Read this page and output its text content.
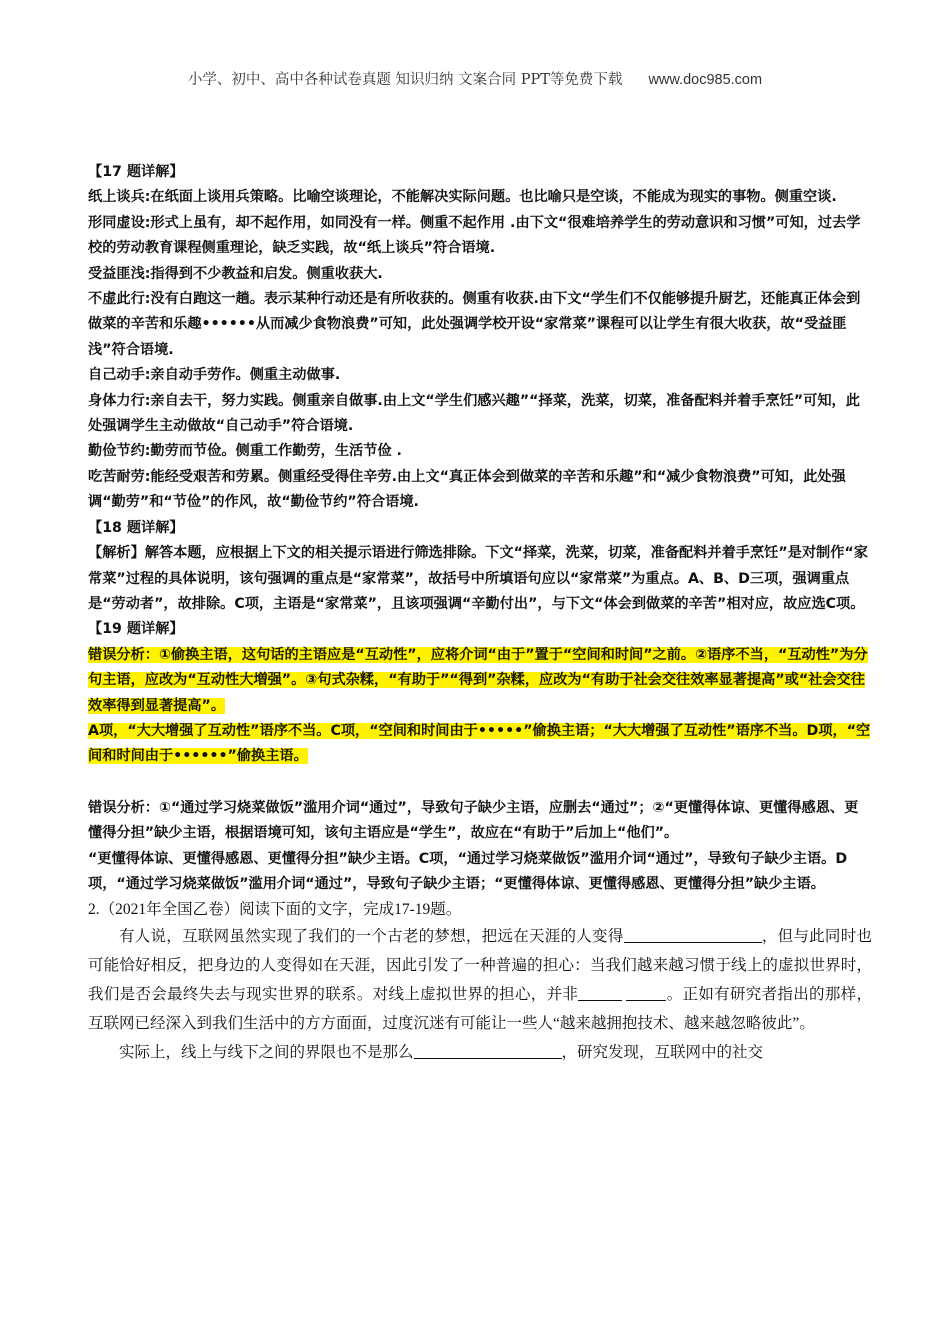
小学、初中、高中各种试卷真题 知识归纳 文案合同 PPT等免费下载 www.doc985.com

【17 题详解】

纸上谈兵:在纸面上谈用兵策略。比喻空谈理论，不能解决实际问题。也比喻只是空谈，不能成为现实的事物。侧重空谈.

形同虚设:形式上虽有，却不起作用，如同没有一样。侧重不起作用 .由下文“很难培养学生的劳动意识和习惯”可知，过去学校的劳动教育课程侧重理论，缺乏实践，故“纸上谈兵”符合语境.

受益匪浅:指得到不少教益和启发。侧重收获大.

不虚此行:没有白跑这一趟。表示某种行动还是有所收获的。侧重有收获.由下文“学生们不仅能够提升厨艺，还能真正体会到做菜的辛苦和乐趣••••••从而减少食物浪费”可知，此处强调学校开设“家常菜”课程可以让学生有很大收获，故“受益匪浅”符合语境.

自己动手:亲自动手劳作。侧重主动做事.

身体力行:亲自去干，努力实践。侧重亲自做事.由上文“学生们感兴趣”“择菜，洗菜，切菜，准备配料并着手烹饪”可知，此处强调学生主动做故“自己动手”符合语境.

勤俭节约:勤劳而节俭。侧重工作勤劳，生活节俭 .

吃苦耐劳:能经受艰苦和劳累。侧重经受得住辛劳.由上文“真正体会到做菜的辛苦和乐趣”和“减少食物浪费”可知，此处强调“勤劳”和“节俭”的作风，故“勤俭节约”符合语境.

【18 题详解】

【解析】解答本题，应根据上下文的相关提示语进行筛选排除。下文“择菜，洗菜，切菜，准备配料并着手烹饪”是对制作“家常菜”过程的具体说明，该句强调的重点是“家常菜”，故括号中所填语句应以“家常菜”为重点。A、B、D三项，强调重点是“劳动者”，故排除。C项，主语是“家常菜”，且该项强调“辛勤付出”，与下文“体会到做菜的辛苦”相对应，故应选C项。

【19 题详解】

错误分析：①偷换主语，这句话的主语应是“互动性”，应将介词“由于”置于“空间和时间”之前。②语序不当，“互动性”为分句主语，应改为“互动性大増强”。③句式杂糅，“有助于”“得到”杂糅，应改为“有助于社会交往效率显著提高”或“社会交往效率得到显著提高”。

A项，“大大增强了互动性”语序不当。C项，“空间和时间由于•••••”偷换主语；“大大增强了互动性”语序不当。D项，“空间和时间由于••••••”偷换主语。

错误分析：①“通过学习烧菜做饭”滥用介词“通过”，导致句子缺少主语，应删去“通过”；②“更懂得体谅、更懂得感恩、更懂得分担”缺少主语，根据语境可知，该句主语应是“学生”，故应在“有助于”后加上“他们”。

“更懂得体谅、更懂得感恩、更懂得分担”缺少主语。C项，“通过学习烧菜做饭”滥用介词“通过”，导致句子缺少主语。D项，“通过学习烧菜做饭”滥用介词“通过”，导致句子缺少主语；“更懂得体谅、更懂得感恩、更懂得分担”缺少主语。

2.（2021年全国乙卷）阅读下面的文字，完成17-19题。

有人说，互联网虽然实现了我们的一个古老的梦想，把远在天涯的人变得	，但与此同时也可能恰好相反，把身边的人变得如在天涯，因此引发了一种普遍的担心：当我们越来越习惯于线上的虚拟世界时，我们是否会最终失去与现实世界的联系。对线上虚拟世界的担心，并非	。正如有研究者指出的那样，互联网已经深入到我们生活中的方方面面，过度沉迷有可能让一些人“越来越拥抱技术、越来越忽略彼此”。

实际上，线上与线下之间的界限也不是那么	，研究发现，互联网中的社交
